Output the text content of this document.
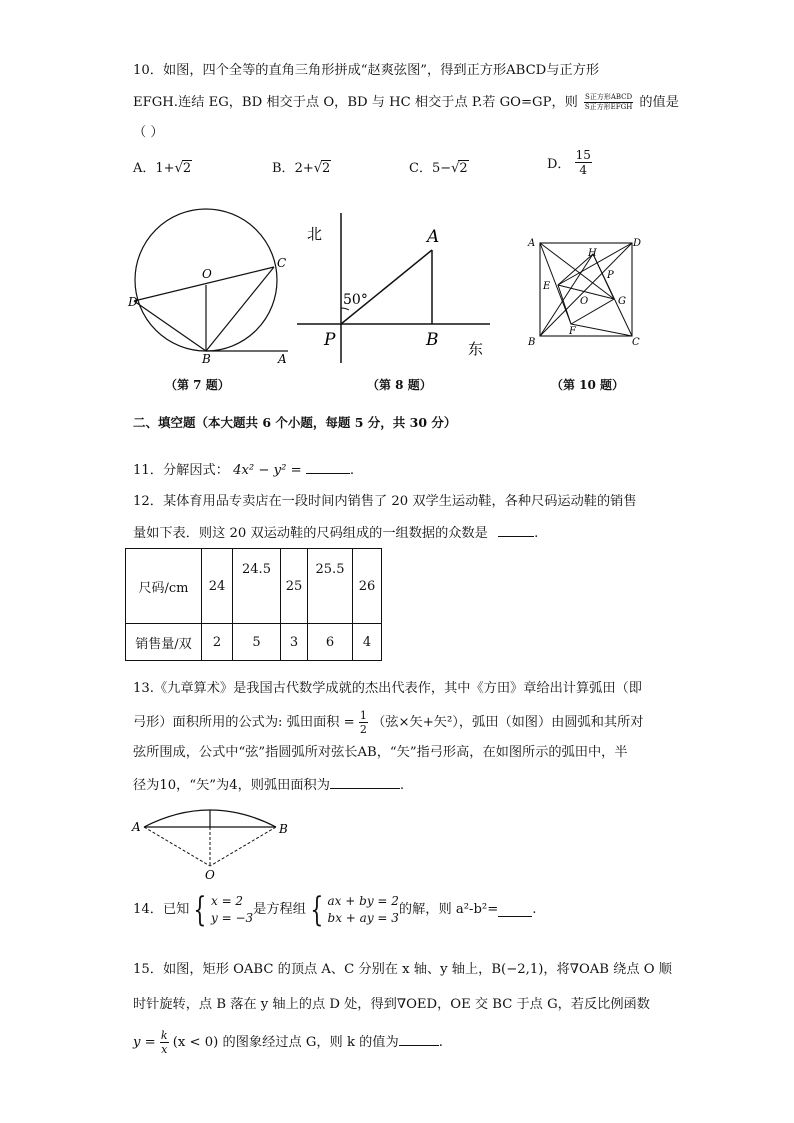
10．如图，四个全等的直角三角形拼成“赵爽弦图”，得到正方形ABCD与正方形
EFGH.连结 EG，BD 相交于点 O，BD 与 HC 相交于点 P.若 GO=GP，则 $\frac{\text{S正方形ABCD}}{\text{S正方形EFGH}}$ 的值是
（ ）
A．1+√2	B．2+√2	C．5−√2	D． $\frac{15}{4}$
O
C
D
B	A
（第 7 题）
北	A
50°
P	B 东
（第 8 题）
A	D
H
E
P
O	G
F
B	C
（第 10 题）
二、填空题（本大题共 6 个小题，每题 5 分，共 30 分）
11．分解因式： 4x² − y² =	.
12．某体育用品专卖店在一段时间内销售了 20 双学生运动鞋，各种尺码运动鞋的销售
量如下表．则这 20 双运动鞋的尺码组成的一组数据的众数是	.
尺码/cm	24	24.5	25	25.5	26
销售量/双	2	5	3	6	4
13.《九章算术》是我国古代数学成就的杰出代表作，其中《方田》章给出计算弧田（即
弓形）面积所用的公式为: 弧田面积 = $\frac{1}{2}$ （弦×矢+矢²），弧田（如图）由圆弧和其所对
弦所围成，公式中“弦”指圆弧所对弦长AB，“矢”指弓形高，在如图所示的弧田中，半
径为10，“矢”为4，则弧田面积为	.
A	B
O
14．已知 { x = 2
y = −3
是方程组 { ax + by = 2
bx + ay = 3
的解，则 a²-b²=	.
15．如图，矩形 OABC 的顶点 A、C 分别在 x 轴、y 轴上，B(−2,1)，将∇OAB 绕点 O 顺
时针旋转，点 B 落在 y 轴上的点 D 处，得到∇OED，OE 交 BC 于点 G，若反比例函数
$y = \frac{k}{x} (x < 0)$ 的图象经过点 G，则 k 的值为	.
